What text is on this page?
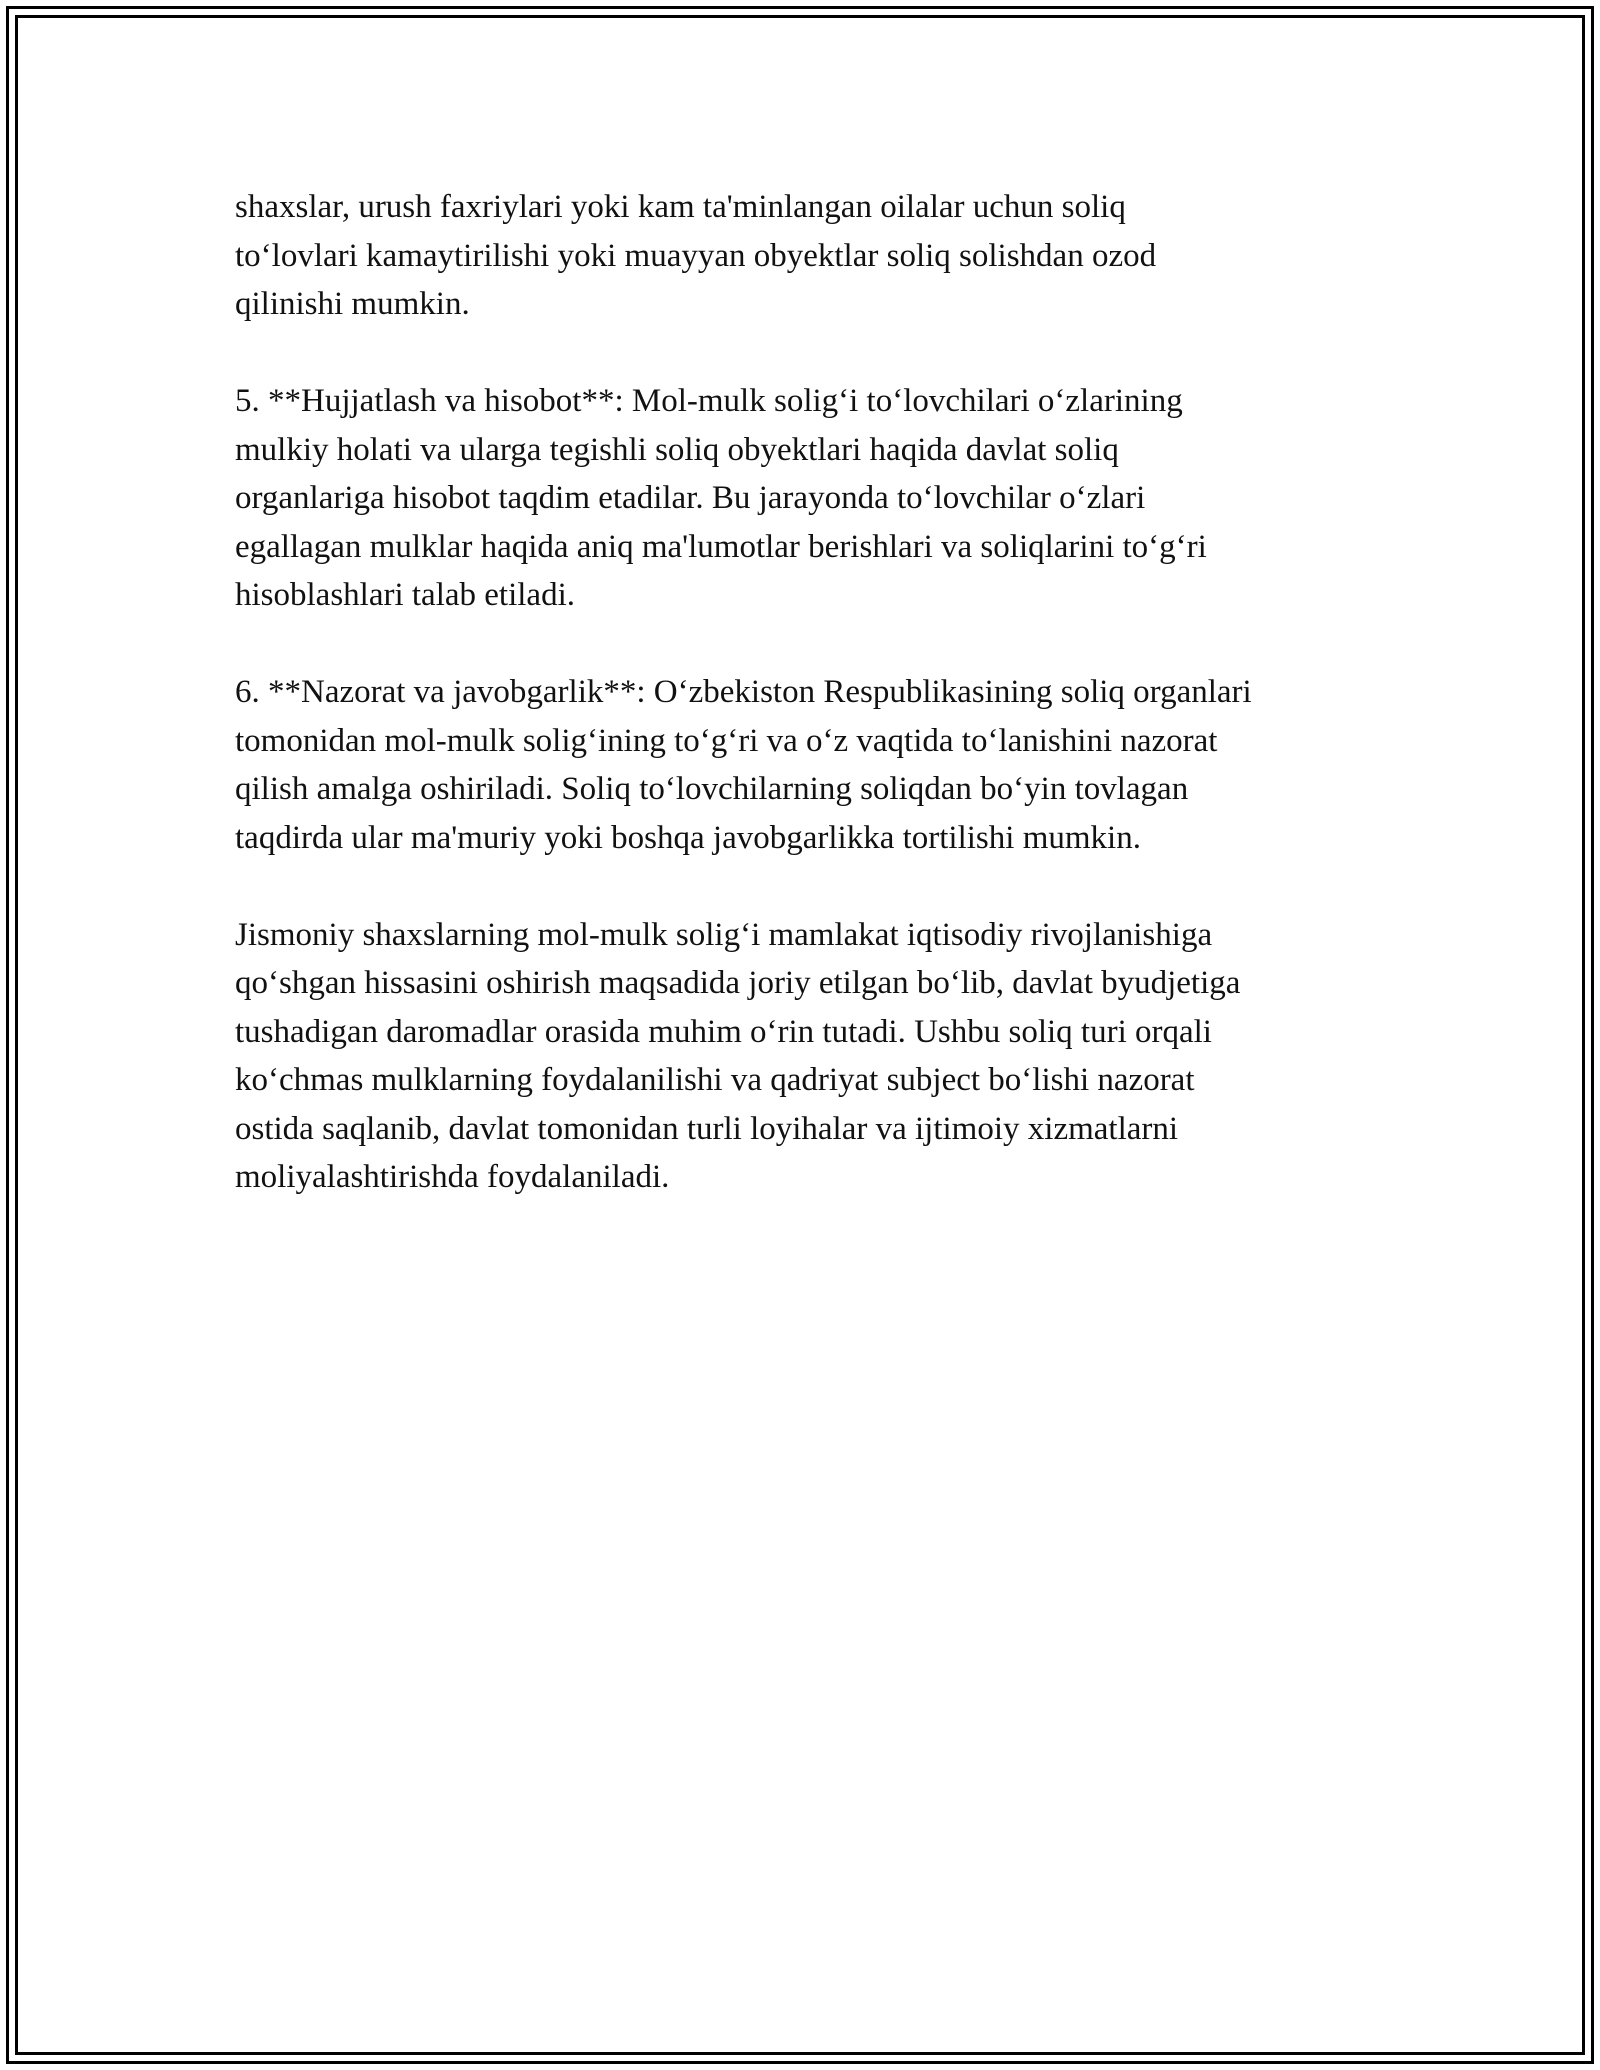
shaxslar, urush faxriylari yoki kam ta'minlangan oilalar uchun soliq
to‘lovlari kamaytirilishi yoki muayyan obyektlar soliq solishdan ozod
qilinishi mumkin.

5. **Hujjatlash va hisobot**: Mol-mulk solig‘i to‘lovchilari o‘zlarining
mulkiy holati va ularga tegishli soliq obyektlari haqida davlat soliq
organlariga hisobot taqdim etadilar. Bu jarayonda to‘lovchilar o‘zlari
egallagan mulklar haqida aniq ma'lumotlar berishlari va soliqlarini to‘g‘ri
hisoblashlari talab etiladi.

6. **Nazorat va javobgarlik**: O‘zbekiston Respublikasining soliq organlari
tomonidan mol-mulk solig‘ining to‘g‘ri va o‘z vaqtida to‘lanishini nazorat
qilish amalga oshiriladi. Soliq to‘lovchilarning soliqdan bo‘yin tovlagan
taqdirda ular ma'muriy yoki boshqa javobgarlikka tortilishi mumkin.

Jismoniy shaxslarning mol-mulk solig‘i mamlakat iqtisodiy rivojlanishiga
qo‘shgan hissasini oshirish maqsadida joriy etilgan bo‘lib, davlat byudjetiga
tushadigan daromadlar orasida muhim o‘rin tutadi. Ushbu soliq turi orqali
ko‘chmas mulklarning foydalanilishi va qadriyat subject bo‘lishi nazorat
ostida saqlanib, davlat tomonidan turli loyihalar va ijtimoiy xizmatlarni
moliyalashtirishda foydalaniladi.
